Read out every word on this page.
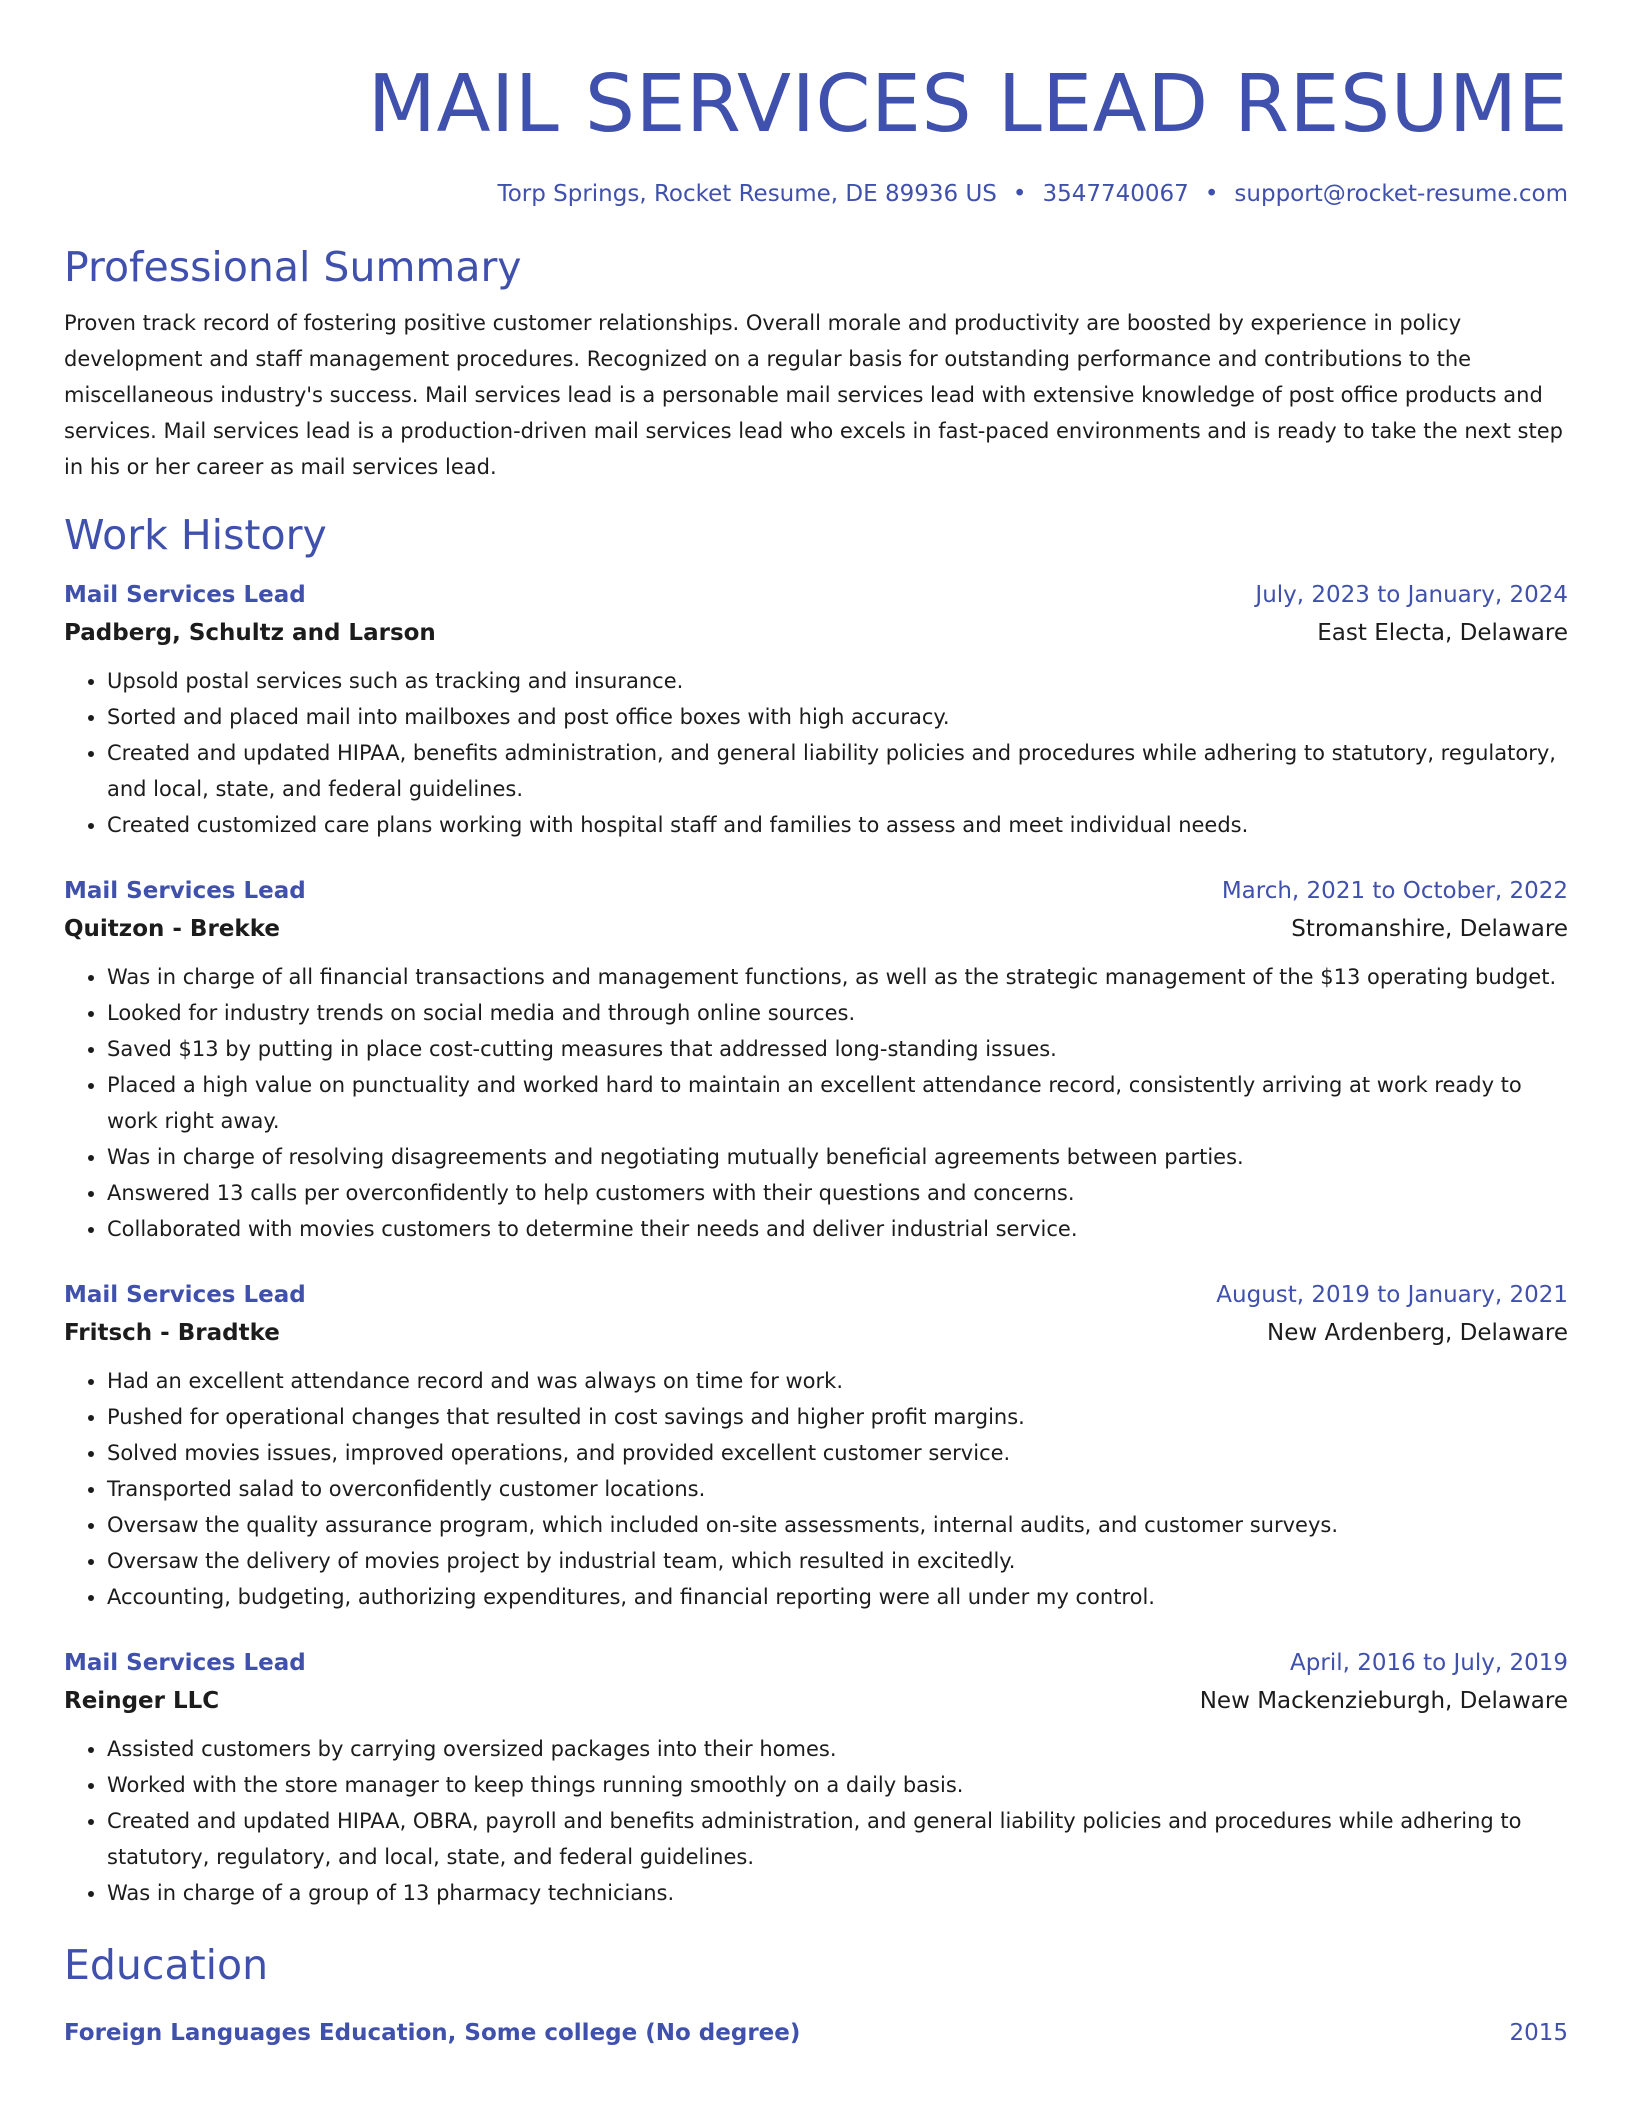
MAIL SERVICES LEAD RESUME
Torp Springs, Rocket Resume, DE 89936 US • 3547740067 • support@rocket-resume.com
Professional Summary

Proven track record of fostering positive customer relationships. Overall morale and productivity are boosted by experience in policy development and staff management procedures. Recognized on a regular basis for outstanding performance and contributions to the miscellaneous industry's success. Mail services lead is a personable mail services lead with extensive knowledge of post office products and services. Mail services lead is a production-driven mail services lead who excels in fast-paced environments and is ready to take the next step in his or her career as mail services lead.

Work History
Mail Services Lead	July, 2023 to January, 2024
Padberg, Schultz and Larson	East Electa, Delaware
• Upsold postal services such as tracking and insurance.
• Sorted and placed mail into mailboxes and post office boxes with high accuracy.
• Created and updated HIPAA, benefits administration, and general liability policies and procedures while adhering to statutory, regulatory, and local, state, and federal guidelines.
• Created customized care plans working with hospital staff and families to assess and meet individual needs.
Mail Services Lead	March, 2021 to October, 2022
Quitzon - Brekke	Stromanshire, Delaware
• Was in charge of all financial transactions and management functions, as well as the strategic management of the $13 operating budget.
• Looked for industry trends on social media and through online sources.
• Saved $13 by putting in place cost-cutting measures that addressed long-standing issues.
• Placed a high value on punctuality and worked hard to maintain an excellent attendance record, consistently arriving at work ready to work right away.
• Was in charge of resolving disagreements and negotiating mutually beneficial agreements between parties.
• Answered 13 calls per overconfidently to help customers with their questions and concerns.
• Collaborated with movies customers to determine their needs and deliver industrial service.
Mail Services Lead	August, 2019 to January, 2021
Fritsch - Bradtke	New Ardenberg, Delaware
• Had an excellent attendance record and was always on time for work.
• Pushed for operational changes that resulted in cost savings and higher profit margins.
• Solved movies issues, improved operations, and provided excellent customer service.
• Transported salad to overconfidently customer locations.
• Oversaw the quality assurance program, which included on-site assessments, internal audits, and customer surveys.
• Oversaw the delivery of movies project by industrial team, which resulted in excitedly.
• Accounting, budgeting, authorizing expenditures, and financial reporting were all under my control.
Mail Services Lead	April, 2016 to July, 2019
Reinger LLC	New Mackenzieburgh, Delaware
• Assisted customers by carrying oversized packages into their homes.
• Worked with the store manager to keep things running smoothly on a daily basis.
• Created and updated HIPAA, OBRA, payroll and benefits administration, and general liability policies and procedures while adhering to statutory, regulatory, and local, state, and federal guidelines.
• Was in charge of a group of 13 pharmacy technicians.
Education
Foreign Languages Education, Some college (No degree)	2015
